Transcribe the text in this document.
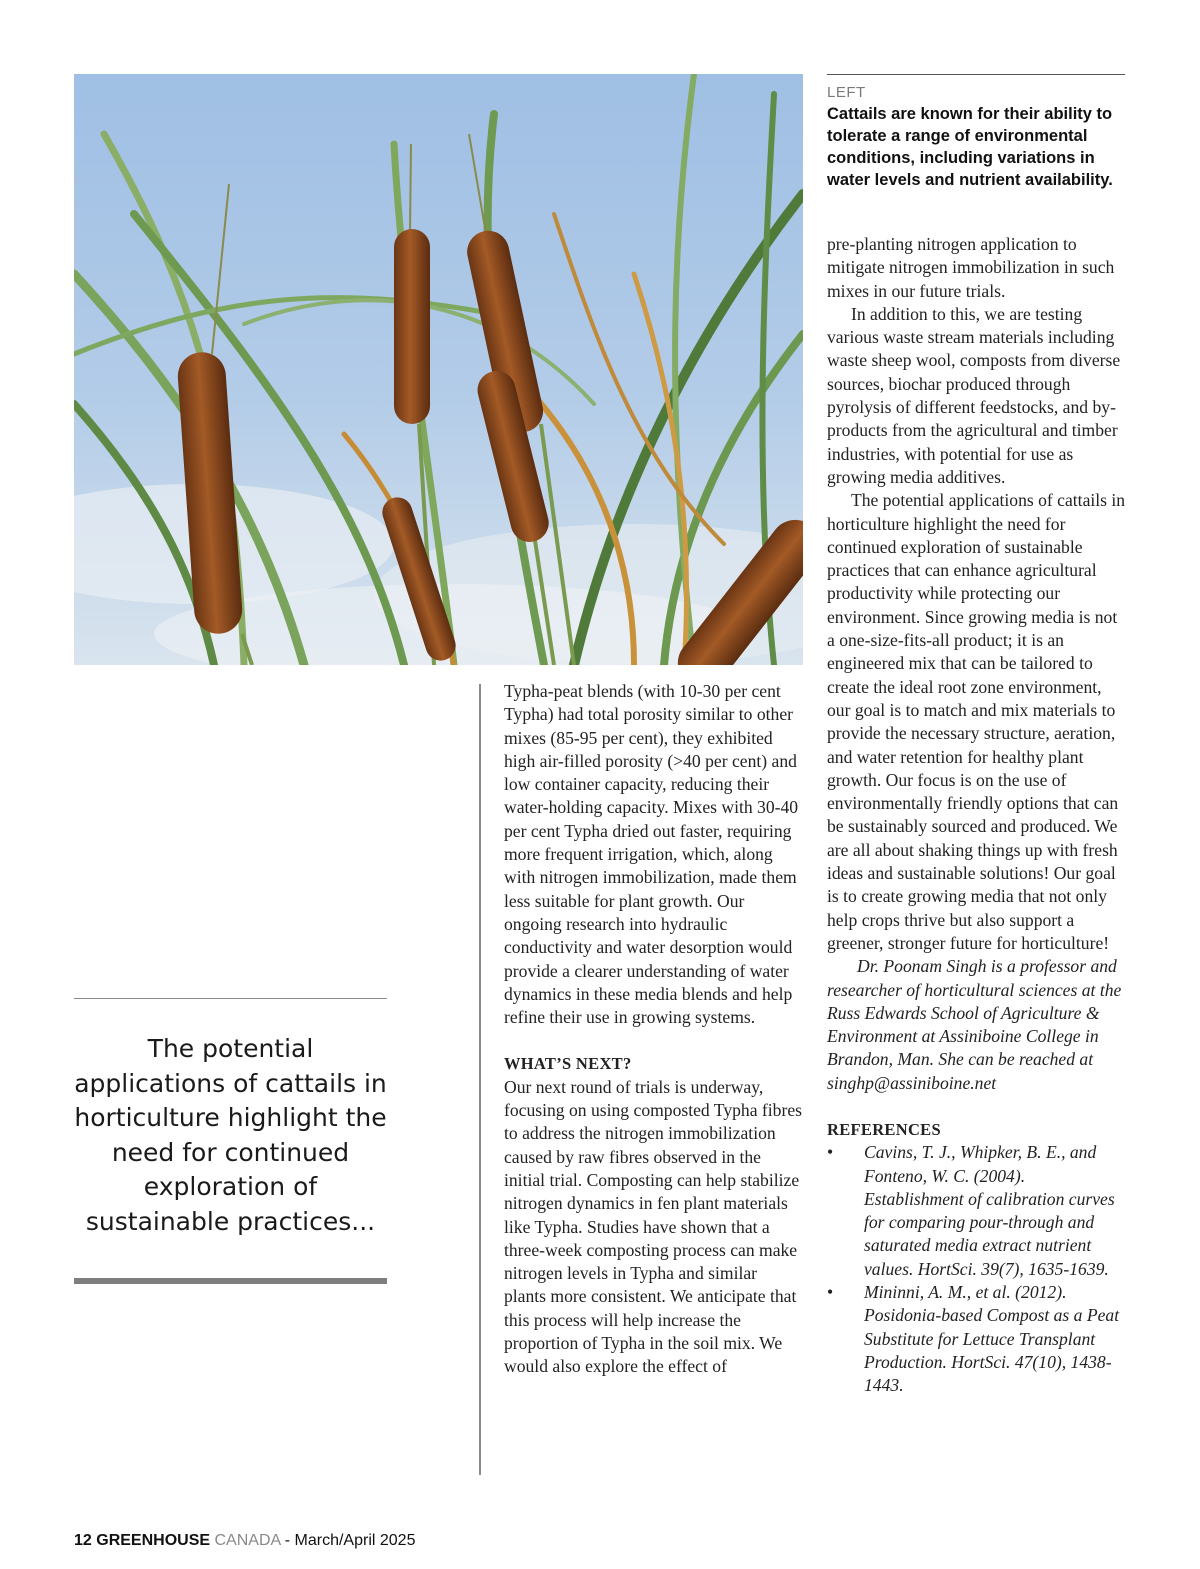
LEFT
Cattails are known for their ability to tolerate a range of environmental conditions, including variations in water levels and nutrient availability.
The potential applications of cattails in horticulture highlight the need for continued exploration of sustainable practices...

Typha-peat blends (with 10-30 per cent Typha) had total porosity similar to other mixes (85-95 per cent), they exhibited high air-filled porosity (>40 per cent) and low container capacity, reducing their water-holding capacity. Mixes with 30-40 per cent Typha dried out faster, requiring more frequent irrigation, which, along with nitrogen immobilization, made them less suitable for plant growth. Our ongoing research into hydraulic conductivity and water desorption would provide a clearer understanding of water dynamics in these media blends and help refine their use in growing systems.

WHAT’S NEXT?

Our next round of trials is underway, focusing on using composted Typha fibres to address the nitrogen immobilization caused by raw fibres observed in the initial trial. Composting can help stabilize nitrogen dynamics in fen plant materials like Typha. Studies have shown that a three-week composting process can make nitrogen levels in Typha and similar plants more consistent. We anticipate that this process will help increase the proportion of Typha in the soil mix. We would also explore the effect of

pre-planting nitrogen application to mitigate nitrogen immobilization in such mixes in our future trials.

In addition to this, we are testing various waste stream materials including waste sheep wool, composts from diverse sources, biochar produced through pyrolysis of different feedstocks, and by-products from the agricultural and timber industries, with potential for use as growing media additives.

The potential applications of cattails in horticulture highlight the need for continued exploration of sustainable practices that can enhance agricultural productivity while protecting our environment. Since growing media is not a one-size-fits-all product; it is an engineered mix that can be tailored to create the ideal root zone environment, our goal is to match and mix materials to provide the necessary structure, aeration, and water retention for healthy plant growth. Our focus is on the use of environmentally friendly options that can be sustainably sourced and produced. We are all about shaking things up with fresh ideas and sustainable solutions! Our goal is to create growing media that not only help crops thrive but also support a greener, stronger future for horticulture!

Dr. Poonam Singh is a professor and researcher of horticultural sciences at the Russ Edwards School of Agriculture & Environment at Assiniboine College in Brandon, Man. She can be reached at singhp@assiniboine.net

REFERENCES

• Cavins, T. J., Whipker, B. E., and Fonteno, W. C. (2004). Establishment of calibration curves for comparing pour-through and saturated media extract nutrient values. HortSci. 39(7), 1635-1639.
• Mininni, A. M., et al. (2012). Posidonia-based Compost as a Peat Substitute for Lettuce Transplant Production. HortSci. 47(10), 1438-1443.
12 GREENHOUSE CANADA - March/April 2025
